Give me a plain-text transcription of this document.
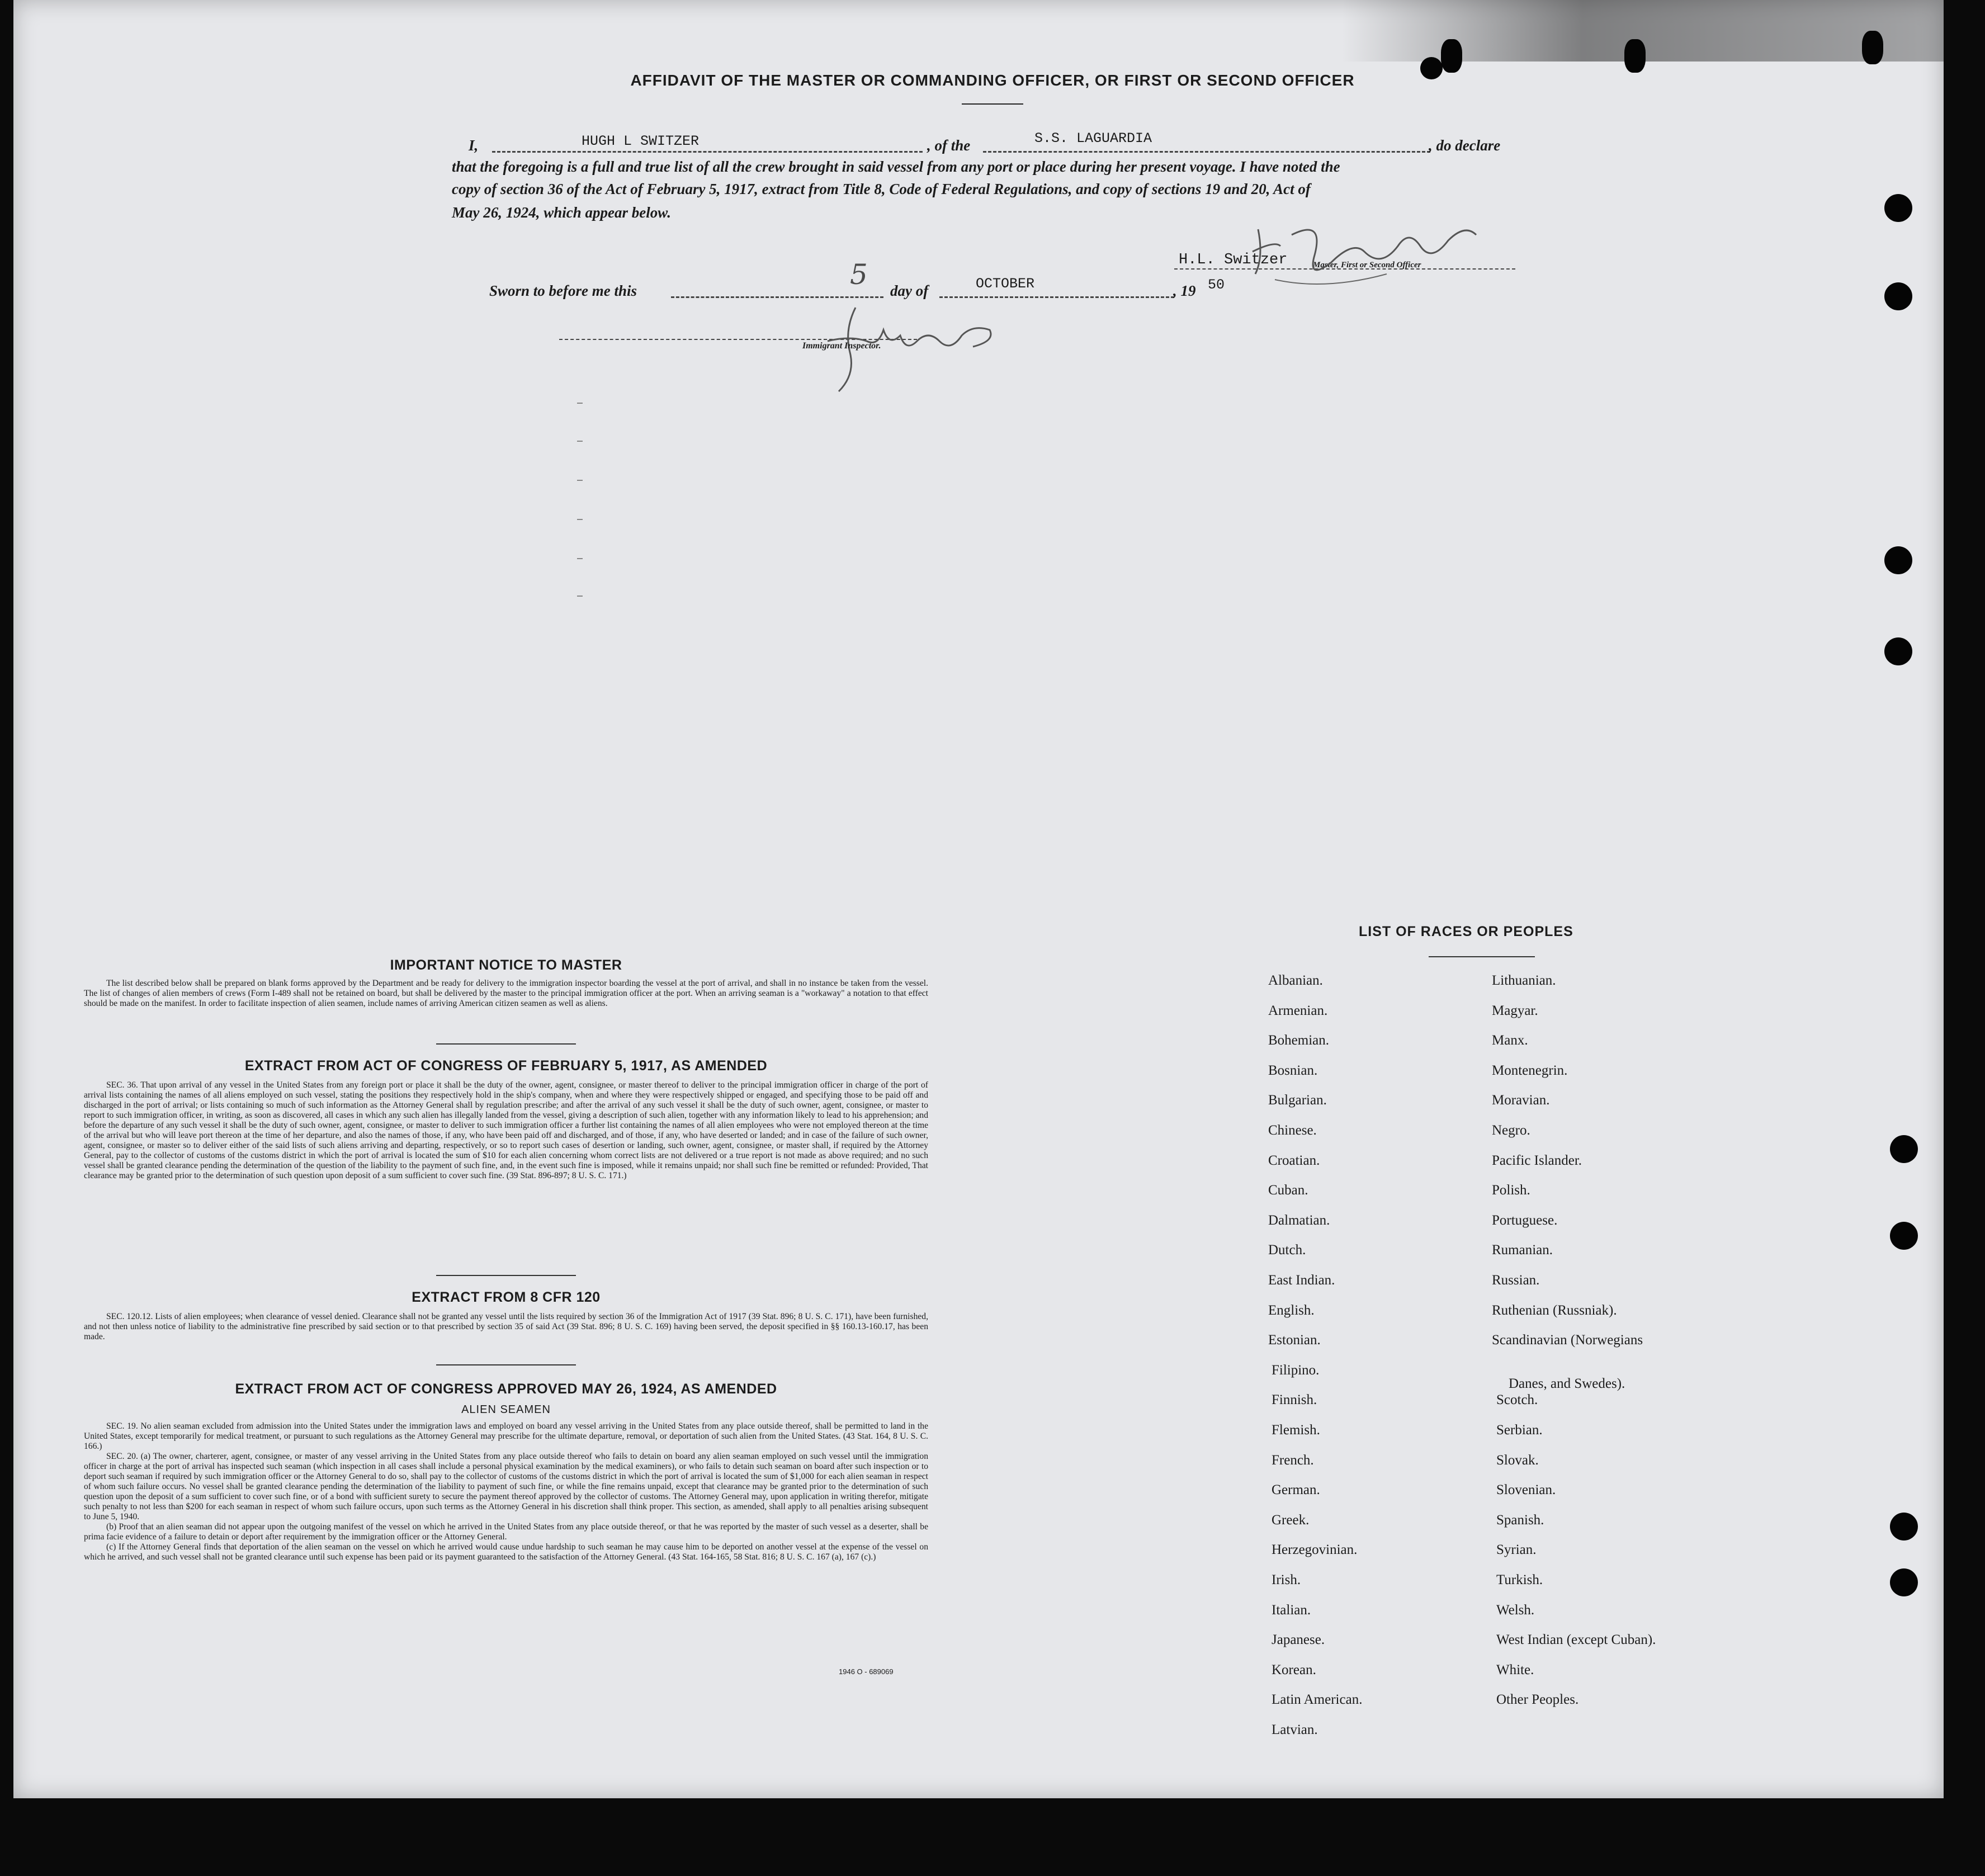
AFFIDAVIT OF THE MASTER OR COMMANDING OFFICER, OR FIRST OR SECOND OFFICER
I,	HUGH L SWITZER	, of the	S.S. LAGUARDIA	, do declare
that the foregoing is a full and true list of all the crew brought in said vessel from any port or place during her present voyage. I have noted the
copy of section 36 of the Act of February 5, 1917, extract from Title 8, Code of Federal Regulations, and copy of sections 19 and 20, Act of
May 26, 1924, which appear below.
H.L. Switzer	Master, First or Second Officer
Sworn to before me this	5 day of	OCTOBER	, 19 50
Immigrant Inspector.
IMPORTANT NOTICE TO MASTER

The list described below shall be prepared on blank forms approved by the Department and be ready for delivery to the immigration inspector boarding the vessel at the port of arrival, and shall in no instance be taken from the vessel. The list of changes of alien members of crews (Form I-489 shall not be retained on board, but shall be delivered by the master to the principal immigration officer at the port. When an arriving seaman is a "workaway" a notation to that effect should be made on the manifest. In order to facilitate inspection of alien seamen, include names of arriving American citizen seamen as well as aliens.

EXTRACT FROM ACT OF CONGRESS OF FEBRUARY 5, 1917, AS AMENDED

SEC. 36. That upon arrival of any vessel in the United States from any foreign port or place it shall be the duty of the owner, agent, consignee, or master thereof to deliver to the principal immigration officer in charge of the port of arrival lists containing the names of all aliens employed on such vessel, stating the positions they respectively hold in the ship's company, when and where they were respectively shipped or engaged, and specifying those to be paid off and discharged in the port of arrival; or lists containing so much of such information as the Attorney General shall by regulation prescribe; and after the arrival of any such vessel it shall be the duty of such owner, agent, consignee, or master to report to such immigration officer, in writing, as soon as discovered, all cases in which any such alien has illegally landed from the vessel, giving a description of such alien, together with any information likely to lead to his apprehension; and before the departure of any such vessel it shall be the duty of such owner, agent, consignee, or master to deliver to such immigration officer a further list containing the names of all alien employees who were not employed thereon at the time of the arrival but who will leave port thereon at the time of her departure, and also the names of those, if any, who have been paid off and discharged, and of those, if any, who have deserted or landed; and in case of the failure of such owner, agent, consignee, or master so to deliver either of the said lists of such aliens arriving and departing, respectively, or so to report such cases of desertion or landing, such owner, agent, consignee, or master shall, if required by the Attorney General, pay to the collector of customs of the customs district in which the port of arrival is located the sum of $10 for each alien concerning whom correct lists are not delivered or a true report is not made as above required; and no such vessel shall be granted clearance pending the determination of the question of the liability to the payment of such fine, and, in the event such fine is imposed, while it remains unpaid; nor shall such fine be remitted or refunded: Provided, That clearance may be granted prior to the determination of such question upon deposit of a sum sufficient to cover such fine. (39 Stat. 896-897; 8 U. S. C. 171.)

EXTRACT FROM 8 CFR 120

SEC. 120.12. Lists of alien employees; when clearance of vessel denied. Clearance shall not be granted any vessel until the lists required by section 36 of the Immigration Act of 1917 (39 Stat. 896; 8 U. S. C. 171), have been furnished, and not then unless notice of liability to the administrative fine prescribed by said section or to that prescribed by section 35 of said Act (39 Stat. 896; 8 U. S. C. 169) having been served, the deposit specified in §§ 160.13-160.17, has been made.

EXTRACT FROM ACT OF CONGRESS APPROVED MAY 26, 1924, AS AMENDED
ALIEN SEAMEN

SEC. 19. No alien seaman excluded from admission into the United States under the immigration laws and employed on board any vessel arriving in the United States from any place outside thereof, shall be permitted to land in the United States, except temporarily for medical treatment, or pursuant to such regulations as the Attorney General may prescribe for the ultimate departure, removal, or deportation of such alien from the United States. (43 Stat. 164, 8 U. S. C. 166.)

SEC. 20. (a) The owner, charterer, agent, consignee, or master of any vessel arriving in the United States from any place outside thereof who fails to detain on board any alien seaman employed on such vessel until the immigration officer in charge at the port of arrival has inspected such seaman (which inspection in all cases shall include a personal physical examination by the medical examiners), or who fails to detain such seaman on board after such inspection or to deport such seaman if required by such immigration officer or the Attorney General to do so, shall pay to the collector of customs of the customs district in which the port of arrival is located the sum of $1,000 for each alien seaman in respect of whom such failure occurs. No vessel shall be granted clearance pending the determination of the liability to payment of such fine, or while the fine remains unpaid, except that clearance may be granted prior to the determination of such question upon the deposit of a sum sufficient to cover such fine, or of a bond with sufficient surety to secure the payment thereof approved by the collector of customs. The Attorney General may, upon application in writing therefor, mitigate such penalty to not less than $200 for each seaman in respect of whom such failure occurs, upon such terms as the Attorney General in his discretion shall think proper. This section, as amended, shall apply to all penalties arising subsequent to June 5, 1940.

(b) Proof that an alien seaman did not appear upon the outgoing manifest of the vessel on which he arrived in the United States from any place outside thereof, or that he was reported by the master of such vessel as a deserter, shall be prima facie evidence of a failure to detain or deport after requirement by the immigration officer or the Attorney General.

(c) If the Attorney General finds that deportation of the alien seaman on the vessel on which he arrived would cause undue hardship to such seaman he may cause him to be deported on another vessel at the expense of the vessel on which he arrived, and such vessel shall not be granted clearance until such expense has been paid or its payment guaranteed to the satisfaction of the Attorney General. (43 Stat. 164-165, 58 Stat. 816; 8 U. S. C. 167 (a), 167 (c).)

1946 O - 689069
LIST OF RACES OR PEOPLES
Albanian.
Armenian.
Bohemian.
Bosnian.
Bulgarian.
Chinese.
Croatian.
Cuban.
Dalmatian.
Dutch.
East Indian.
English.
Estonian.
Filipino.
Finnish.
Flemish.
French.
German.
Greek.
Herzegovinian.
Irish.
Italian.
Japanese.
Korean.
Latin American.
Latvian.
Lithuanian.
Magyar.
Manx.
Montenegrin.
Moravian.
Negro.
Pacific Islander.
Polish.
Portuguese.
Rumanian.
Russian.
Ruthenian (Russniak).
Scandinavian (Norwegians
Danes, and Swedes).
Scotch.
Serbian.
Slovak.
Slovenian.
Spanish.
Syrian.
Turkish.
Welsh.
West Indian (except Cuban).
White.
Other Peoples.
